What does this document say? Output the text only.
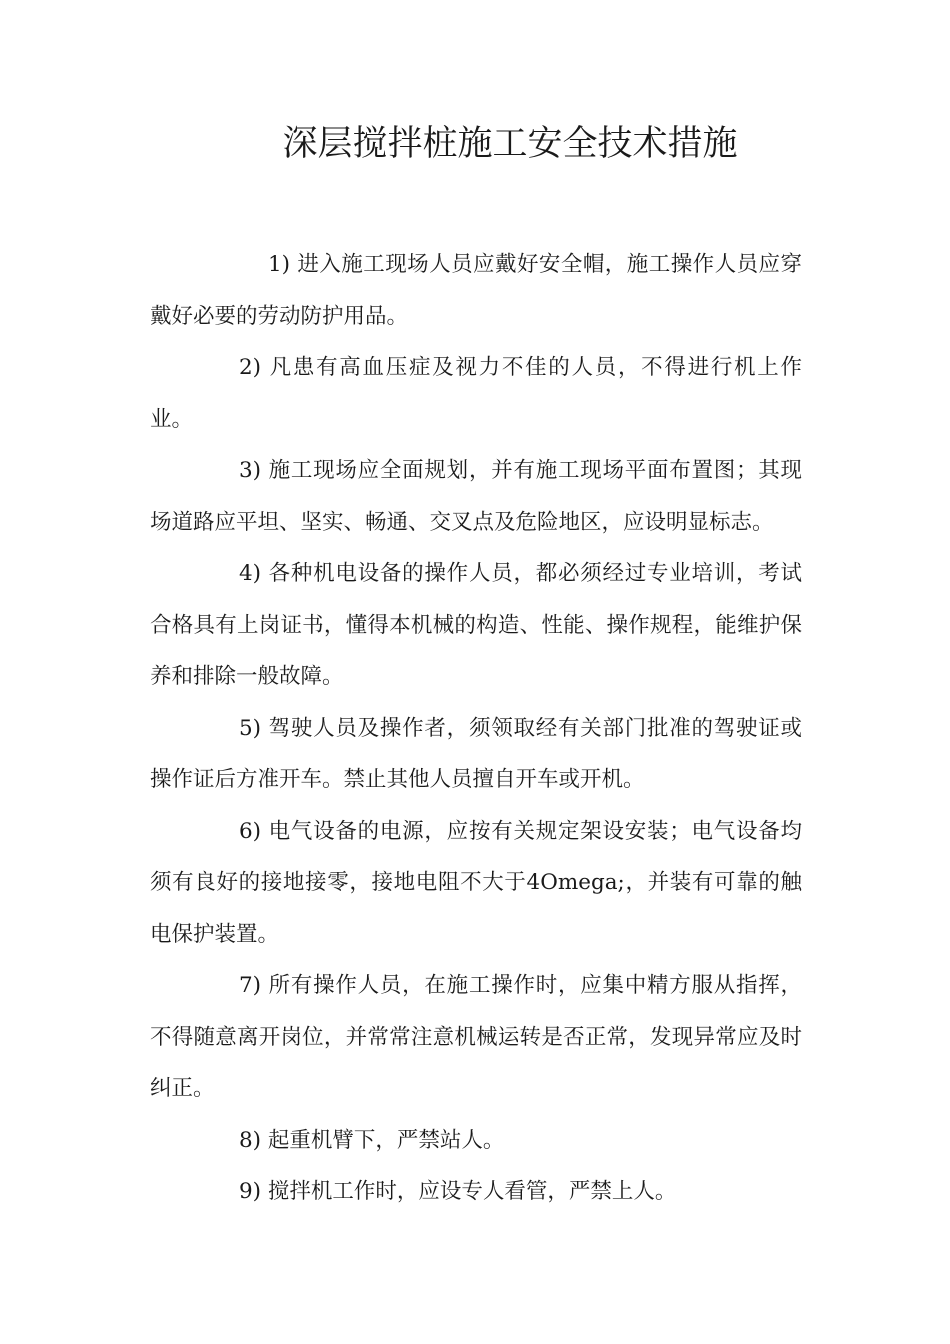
深层搅拌桩施工安全技术措施

1) 进入施工现场人员应戴好安全帽，施工操作人员应穿戴好必要的劳动防护用品。

2) 凡患有高血压症及视力不佳的人员，不得进行机上作业。

3) 施工现场应全面规划，并有施工现场平面布置图；其现场道路应平坦、坚实、畅通、交叉点及危险地区，应设明显标志。

4) 各种机电设备的操作人员，都必须经过专业培训，考试合格具有上岗证书，懂得本机械的构造、性能、操作规程，能维护保养和排除一般故障。

5) 驾驶人员及操作者，须领取经有关部门批准的驾驶证或操作证后方准开车。禁止其他人员擅自开车或开机。

6) 电气设备的电源，应按有关规定架设安装；电气设备均须有良好的接地接零，接地电阻不大于4Omega;，并装有可靠的触电保护装置。

7) 所有操作人员，在施工操作时，应集中精方服从指挥，不得随意离开岗位，并常常注意机械运转是否正常，发现异常应及时纠正。

8) 起重机臂下，严禁站人。

9) 搅拌机工作时，应设专人看管，严禁上人。
